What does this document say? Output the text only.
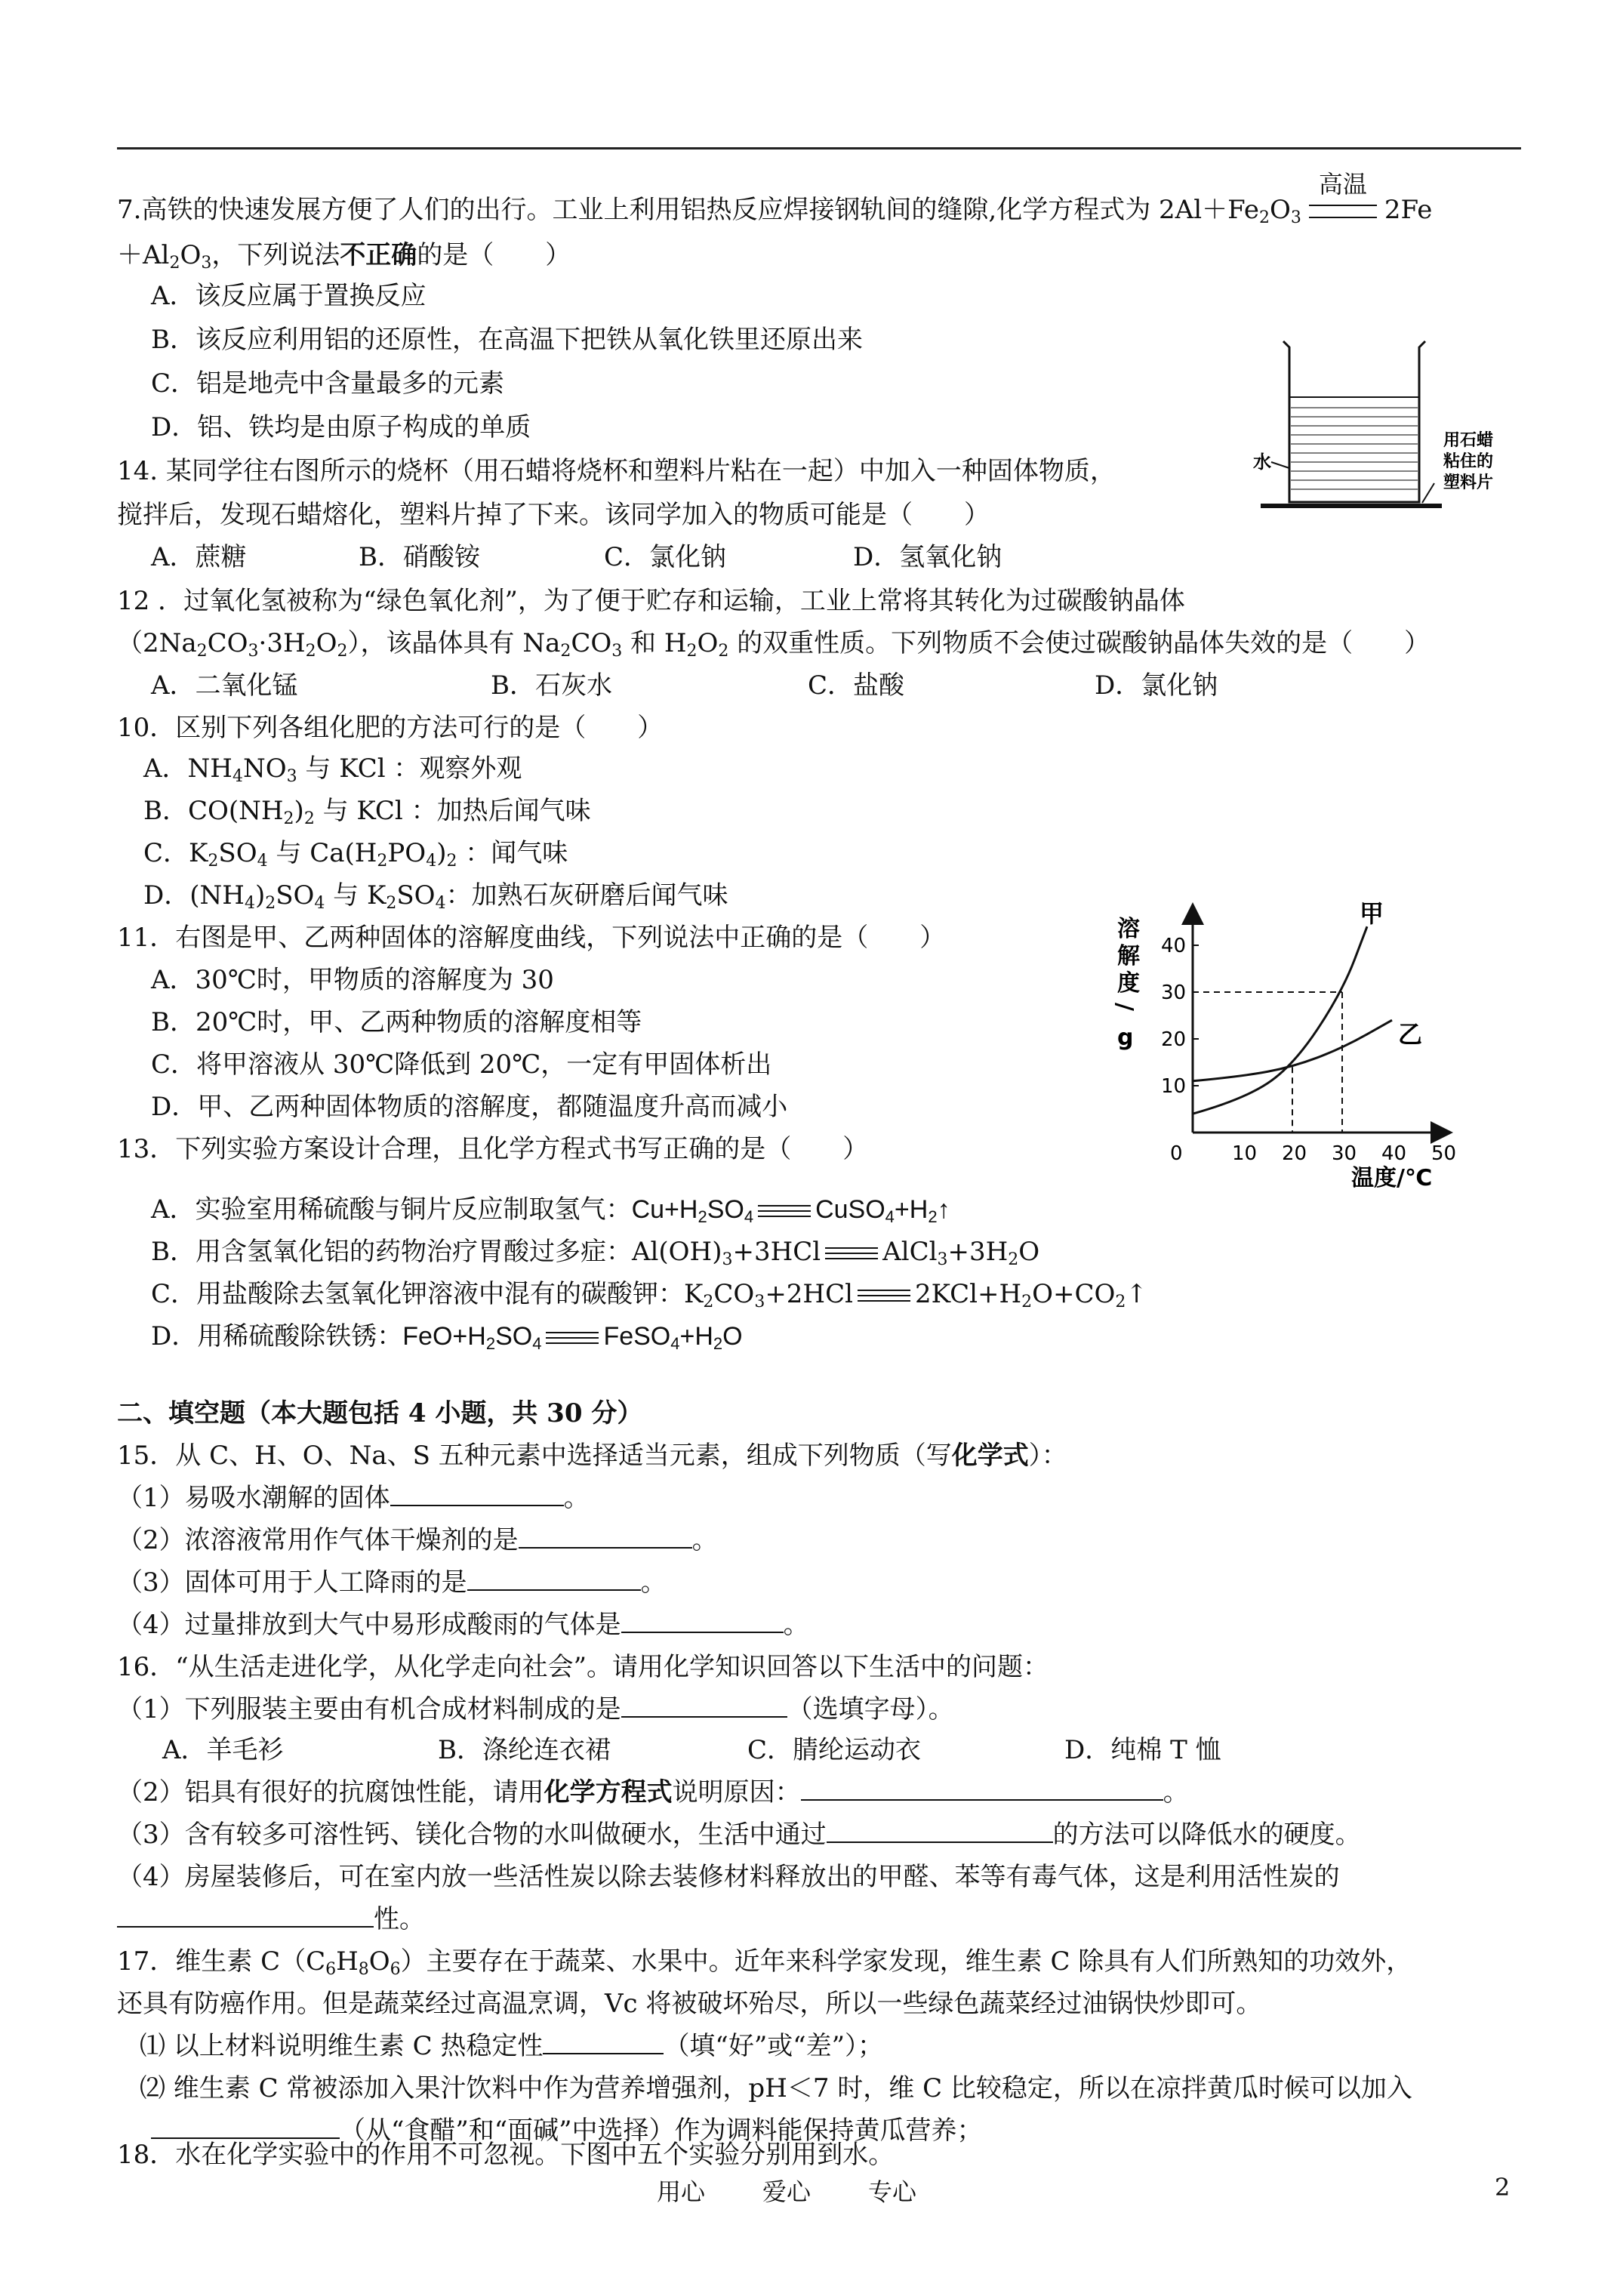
7.高铁的快速发展方便了人们的出行。工业上利用铝热反应焊接钢轨间的缝隙,化学方程式为 $2Al+Fe_2O_3$
高温
2Fe
$+Al_2O_3$，下列说法不正确的是（　　）
A．该反应属于置换反应
B．该反应利用铝的还原性，在高温下把铁从氧化铁里还原出来
C．铝是地壳中含量最多的元素
D．铝、铁均是由原子构成的单质
水
用石蜡
粘住的
塑料片
14. 某同学往右图所示的烧杯（用石蜡将烧杯和塑料片粘在一起）中加入一种固体物质，
搅拌后，发现石蜡熔化，塑料片掉了下来。该同学加入的物质可能是（　　）
A．蔗糖	B．硝酸铵	C．氯化钠	D．氢氧化钠
12 ．过氧化氢被称为“绿色氧化剂”，为了便于贮存和运输，工业上常将其转化为过碳酸钠晶体
$(2Na_2CO_3\cdot 3H_2O_2)$，该晶体具有 $Na_2CO_3$ 和 $H_2O_2$ 的双重性质。下列物质不会使过碳酸钠晶体失效的是（　　）
A．二氧化锰	B．石灰水	C．盐酸	D．氯化钠
10．区别下列各组化肥的方法可行的是（　　）
A．$NH_4NO_3$ 与 KCl ：观察外观
B．$CO(NH_2)_2$ 与 KCl ：加热后闻气味
C．$K_2SO_4$ 与 $Ca(H_2PO_4)_2$ ：闻气味
D．$(NH_4)_2SO_4$ 与 $K_2SO_4$：加熟石灰研磨后闻气味
11．右图是甲、乙两种固体的溶解度曲线，下列说法中正确的是（　　）
A．30℃时，甲物质的溶解度为 30
B．20℃时，甲、乙两种物质的溶解度相等
C．将甲溶液从 30℃降低到 20℃，一定有甲固体析出
D．甲、乙两种固体物质的溶解度，都随温度升高而减小
溶
解
度
/
g
温度/℃
0	10 20 30 40 50
10
20
30
40
甲
乙
13．下列实验方案设计合理，且化学方程式书写正确的是（　　）
A．实验室用稀硫酸与铜片反应制取氢气：$Cu+H_2SO_4$ $CuSO_4+H_2↑$
B．用含氢氧化铝的药物治疗胃酸过多症：$Al(OH)_3+3HCl$ $AlCl_3+3H_2O$
C．用盐酸除去氢氧化钾溶液中混有的碳酸钾：$K_2CO_3+2HCl$ $2KCl+H_2O+CO_2↑$
D．用稀硫酸除铁锈：$FeO+H_2SO_4$ $FeSO_4+H_2O$
二、填空题（本大题包括 4 小题，共 30 分）
15．从 C、H、O、Na、S 五种元素中选择适当元素，组成下列物质（写化学式）：
（1）易吸水潮解的固体	。
（2）浓溶液常用作气体干燥剂的是	。
（3）固体可用于人工降雨的是	。
（4）过量排放到大气中易形成酸雨的气体是	。
16．“从生活走进化学，从化学走向社会”。请用化学知识回答以下生活中的问题：
（1）下列服装主要由有机合成材料制成的是	（选填字母）。
A．羊毛衫	B．涤纶连衣裙	C．腈纶运动衣	D．纯棉 T 恤
（2）铝具有很好的抗腐蚀性能，请用化学方程式说明原因：	。
（3）含有较多可溶性钙、镁化合物的水叫做硬水，生活中通过	的方法可以降低水的硬度。
（4）房屋装修后，可在室内放一些活性炭以除去装修材料释放出的甲醛、苯等有毒气体，这是利用活性炭的
性。
17．维生素 $C(C_6H_8O_6)$主要存在于蔬菜、水果中。近年来科学家发现，维生素 C 除具有人们所熟知的功效外，
还具有防癌作用。但是蔬菜经过高温烹调，Vc 将被破坏殆尽，所以一些绿色蔬菜经过油锅快炒即可。
⑴ 以上材料说明维生素 C 热稳定性	（填“好”或“差”）；
⑵ 维生素 C 常被添加入果汁饮料中作为营养增强剂，pH＜7 时，维 C 比较稳定，所以在凉拌黄瓜时候可以加入
（从“食醋”和“面碱”中选择）作为调料能保持黄瓜营养；
18．水在化学实验中的作用不可忽视。下图中五个实验分别用到水。
用心 爱心 专心	2
